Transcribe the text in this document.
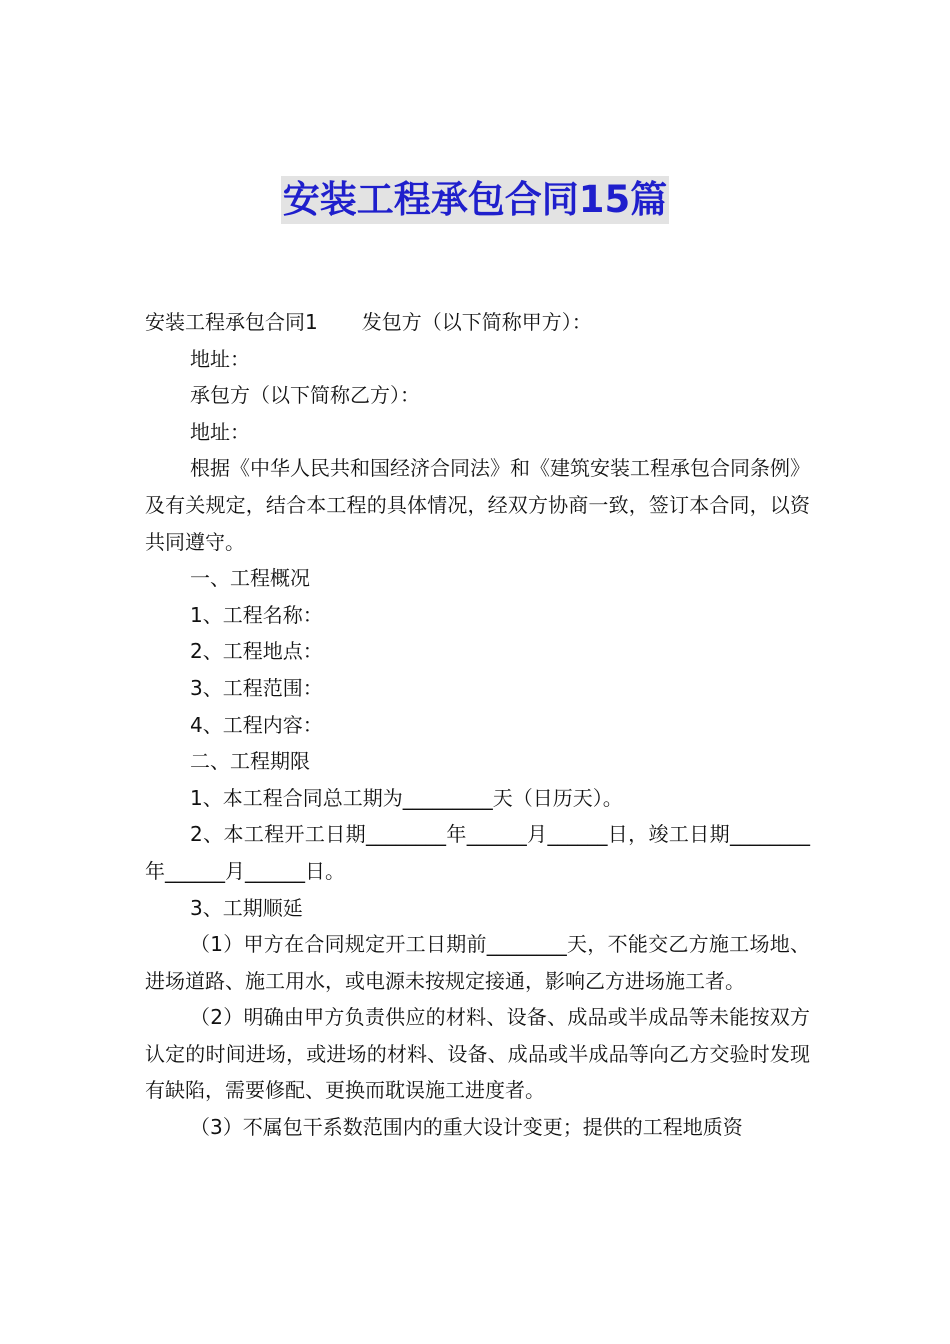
安装工程承包合同15篇

安装工程承包合同1 发包方（以下简称甲方）：

地址：

承包方（以下简称乙方）：

地址：

根据《中华人民共和国经济合同法》和《建筑安装工程承包合同条例》及有关规定，结合本工程的具体情况，经双方协商一致，签订本合同，以资共同遵守。

一、工程概况

1、工程名称：

2、工程地点：

3、工程范围：

4、工程内容：

二、工程期限

1、本工程合同总工期为_________天（日历天）。

2、本工程开工日期________年______月______日，竣工日期________年______月______日。

3、工期顺延

（1）甲方在合同规定开工日期前________天，不能交乙方施工场地、进场道路、施工用水，或电源未按规定接通，影响乙方进场施工者。

（2）明确由甲方负责供应的材料、设备、成品或半成品等未能按双方认定的时间进场，或进场的材料、设备、成品或半成品等向乙方交验时发现有缺陷，需要修配、更换而耽误施工进度者。

（3）不属包干系数范围内的重大设计变更；提供的工程地质资
